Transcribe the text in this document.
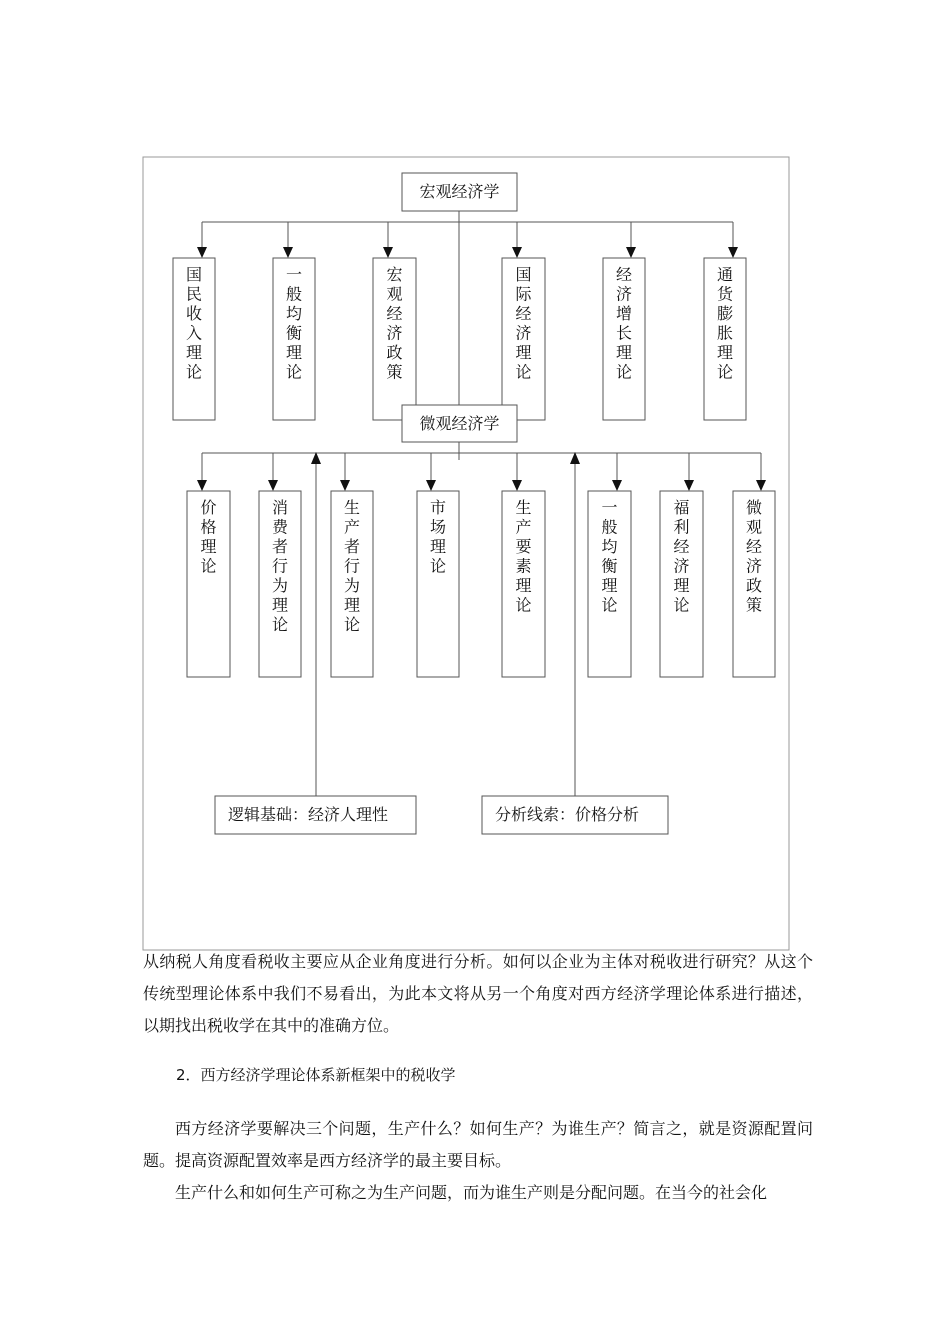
国民收入理论
一般均衡理论
宏观经济政策
国际经济理论
经济增长理论
通货膨胀理论
价格理论
消费者行为理论
生产者行为理论
市场理论
生产要素理论
一般均衡理论
福利经济理论
微观经济政策
宏观经济学
微观经济学
逻辑基础：经济人理性	分析线索：价格分析

从纳税人角度看税收主要应从企业角度进行分析。如何以企业为主体对税收进行研究？从这个传统型理论体系中我们不易看出，为此本文将从另一个角度对西方经济学理论体系进行描述，以期找出税收学在其中的准确方位。

2．西方经济学理论体系新框架中的税收学

西方经济学要解决三个问题，生产什么？如何生产？为谁生产？简言之，就是资源配置问题。提高资源配置效率是西方经济学的最主要目标。

生产什么和如何生产可称之为生产问题，而为谁生产则是分配问题。在当今的社会化
